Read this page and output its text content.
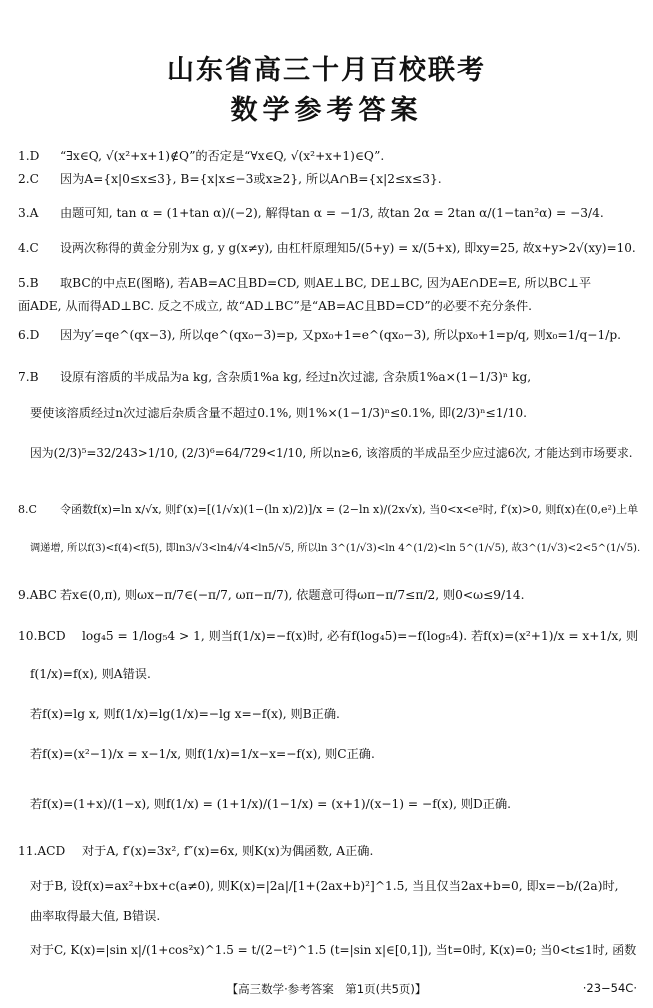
山东省高三十月百校联考
数学参考答案
1.D “∃x∈Q, √(x²+x+1)∉Q”的否定是“∀x∈Q, √(x²+x+1)∈Q”.
2.C 因为A={x|0≤x≤3}, B={x|x≤−3或x≥2}, 所以A∩B={x|2≤x≤3}.
3.A 由题可知, tan α = (1+tan α)/(−2), 解得tan α = −1/3, 故tan 2α = 2tan α/(1−tan²α) = −3/4.
4.C 设两次称得的黄金分别为x g, y g(x≠y), 由杠杆原理知5/(5+y) = x/(5+x), 即xy=25, 故x+y>2√(xy)=10.
5.B 取BC的中点E(图略), 若AB=AC且BD=CD, 则AE⊥BC, DE⊥BC, 因为AE∩DE=E, 所以BC⊥平
面ADE, 从而得AD⊥BC. 反之不成立, 故“AD⊥BC”是“AB=AC且BD=CD”的必要不充分条件.
6.D 因为y′=qe^(qx−3), 所以qe^(qx₀−3)=p, 又px₀+1=e^(qx₀−3), 所以px₀+1=p/q, 则x₀=1/q−1/p.
7.B 设原有溶质的半成品为a kg, 含杂质1%a kg, 经过n次过滤, 含杂质1%a×(1−1/3)ⁿ kg,
要使该溶质经过n次过滤后杂质含量不超过0.1%, 则1%×(1−1/3)ⁿ≤0.1%, 即(2/3)ⁿ≤1/10.
因为(2/3)⁵=32/243>1/10, (2/3)⁶=64/729<1/10, 所以n≥6, 该溶质的半成品至少应过滤6次, 才能达到市场要求.
8.C 令函数f(x)=ln x/√x, 则f′(x)=[(1/√x)(1−(ln x)/2)]/x = (2−ln x)/(2x√x), 当0<x<e²时, f′(x)>0, 则f(x)在(0,e²)上单
调递增, 所以f(3)<f(4)<f(5), 即ln3/√3<ln4/√4<ln5/√5, 所以ln 3^(1/√3)<ln 4^(1/2)<ln 5^(1/√5), 故3^(1/√3)<2<5^(1/√5).
9.ABC 若x∈(0,π), 则ωx−π/7∈(−π/7, ωπ−π/7), 依题意可得ωπ−π/7≤π/2, 则0<ω≤9/14.
10.BCD log₄5 = 1/log₅4 > 1, 则当f(1/x)=−f(x)时, 必有f(log₄5)=−f(log₅4). 若f(x)=(x²+1)/x = x+1/x, 则
f(1/x)=f(x), 则A错误.
若f(x)=lg x, 则f(1/x)=lg(1/x)=−lg x=−f(x), 则B正确.
若f(x)=(x²−1)/x = x−1/x, 则f(1/x)=1/x−x=−f(x), 则C正确.
若f(x)=(1+x)/(1−x), 则f(1/x) = (1+1/x)/(1−1/x) = (x+1)/(x−1) = −f(x), 则D正确.
11.ACD 对于A, f′(x)=3x², f″(x)=6x, 则K(x)为偶函数, A正确.
对于B, 设f(x)=ax²+bx+c(a≠0), 则K(x)=|2a|/[1+(2ax+b)²]^1.5, 当且仅当2ax+b=0, 即x=−b/(2a)时,
曲率取得最大值, B错误.
对于C, K(x)=|sin x|/(1+cos²x)^1.5 = t/(2−t²)^1.5 (t=|sin x|∈[0,1]), 当t=0时, K(x)=0; 当0<t≤1时, 函数
【高三数学·参考答案　第1页(共5页)】	·23−54C·
